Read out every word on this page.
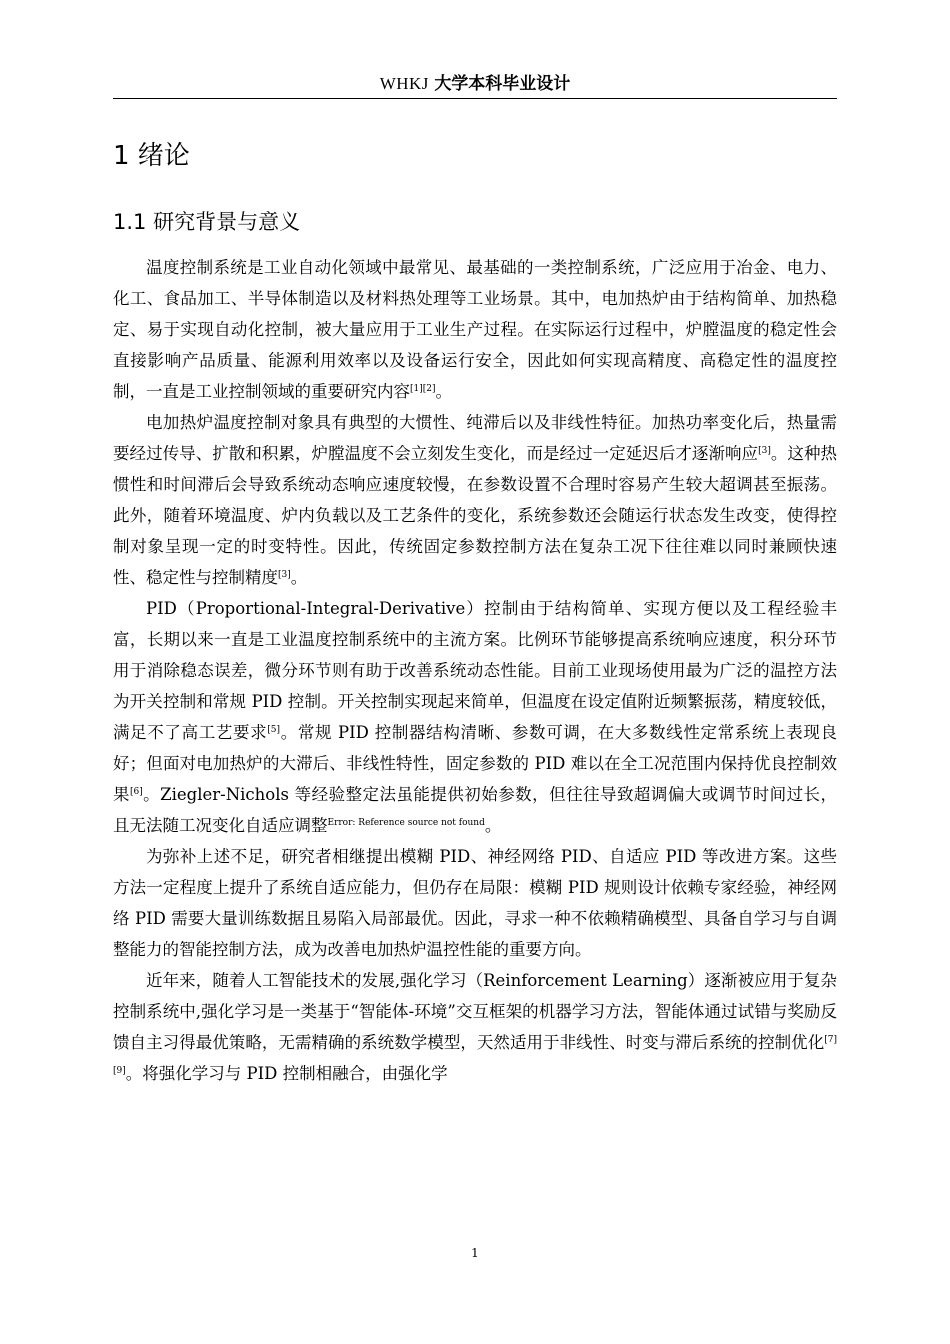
WHKJ 大学本科毕业设计
1 绪论
1.1 研究背景与意义

温度控制系统是工业自动化领域中最常见、最基础的一类控制系统，广泛应用于冶金、电力、化工、食品加工、半导体制造以及材料热处理等工业场景。其中，电加热炉由于结构简单、加热稳定、易于实现自动化控制，被大量应用于工业生产过程。在实际运行过程中，炉膛温度的稳定性会直接影响产品质量、能源利用效率以及设备运行安全，因此如何实现高精度、高稳定性的温度控制，一直是工业控制领域的重要研究内容[1][2]。

电加热炉温度控制对象具有典型的大惯性、纯滞后以及非线性特征。加热功率变化后，热量需要经过传导、扩散和积累，炉膛温度不会立刻发生变化，而是经过一定延迟后才逐渐响应[3]。这种热惯性和时间滞后会导致系统动态响应速度较慢，在参数设置不合理时容易产生较大超调甚至振荡。此外，随着环境温度、炉内负载以及工艺条件的变化，系统参数还会随运行状态发生改变，使得控制对象呈现一定的时变特性。因此，传统固定参数控制方法在复杂工况下往往难以同时兼顾快速性、稳定性与控制精度[3]。

PID（Proportional-Integral-Derivative）控制由于结构简单、实现方便以及工程经验丰富，长期以来一直是工业温度控制系统中的主流方案。比例环节能够提高系统响应速度，积分环节用于消除稳态误差，微分环节则有助于改善系统动态性能。目前工业现场使用最为广泛的温控方法为开关控制和常规 PID 控制。开关控制实现起来简单，但温度在设定值附近频繁振荡，精度较低，满足不了高工艺要求[5]。常规 PID 控制器结构清晰、参数可调，在大多数线性定常系统上表现良好；但面对电加热炉的大滞后、非线性特性，固定参数的 PID 难以在全工况范围内保持优良控制效果[6]。Ziegler-Nichols 等经验整定法虽能提供初始参数，但往往导致超调偏大或调节时间过长，且无法随工况变化自适应调整$^{Error: Reference source not found}$。

为弥补上述不足，研究者相继提出模糊 PID、神经网络 PID、自适应 PID 等改进方案。这些方法一定程度上提升了系统自适应能力，但仍存在局限：模糊 PID 规则设计依赖专家经验，神经网络 PID 需要大量训练数据且易陷入局部最优。因此，寻求一种不依赖精确模型、具备自学习与自调整能力的智能控制方法，成为改善电加热炉温控性能的重要方向。

近年来，随着人工智能技术的发展,强化学习（Reinforcement Learning）逐渐被应用于复杂控制系统中,强化学习是一类基于“智能体-环境”交互框架的机器学习方法，智能体通过试错与奖励反馈自主习得最优策略，无需精确的系统数学模型，天然适用于非线性、时变与滞后系统的控制优化[7][9]。将强化学习与 PID 控制相融合，由强化学

1
